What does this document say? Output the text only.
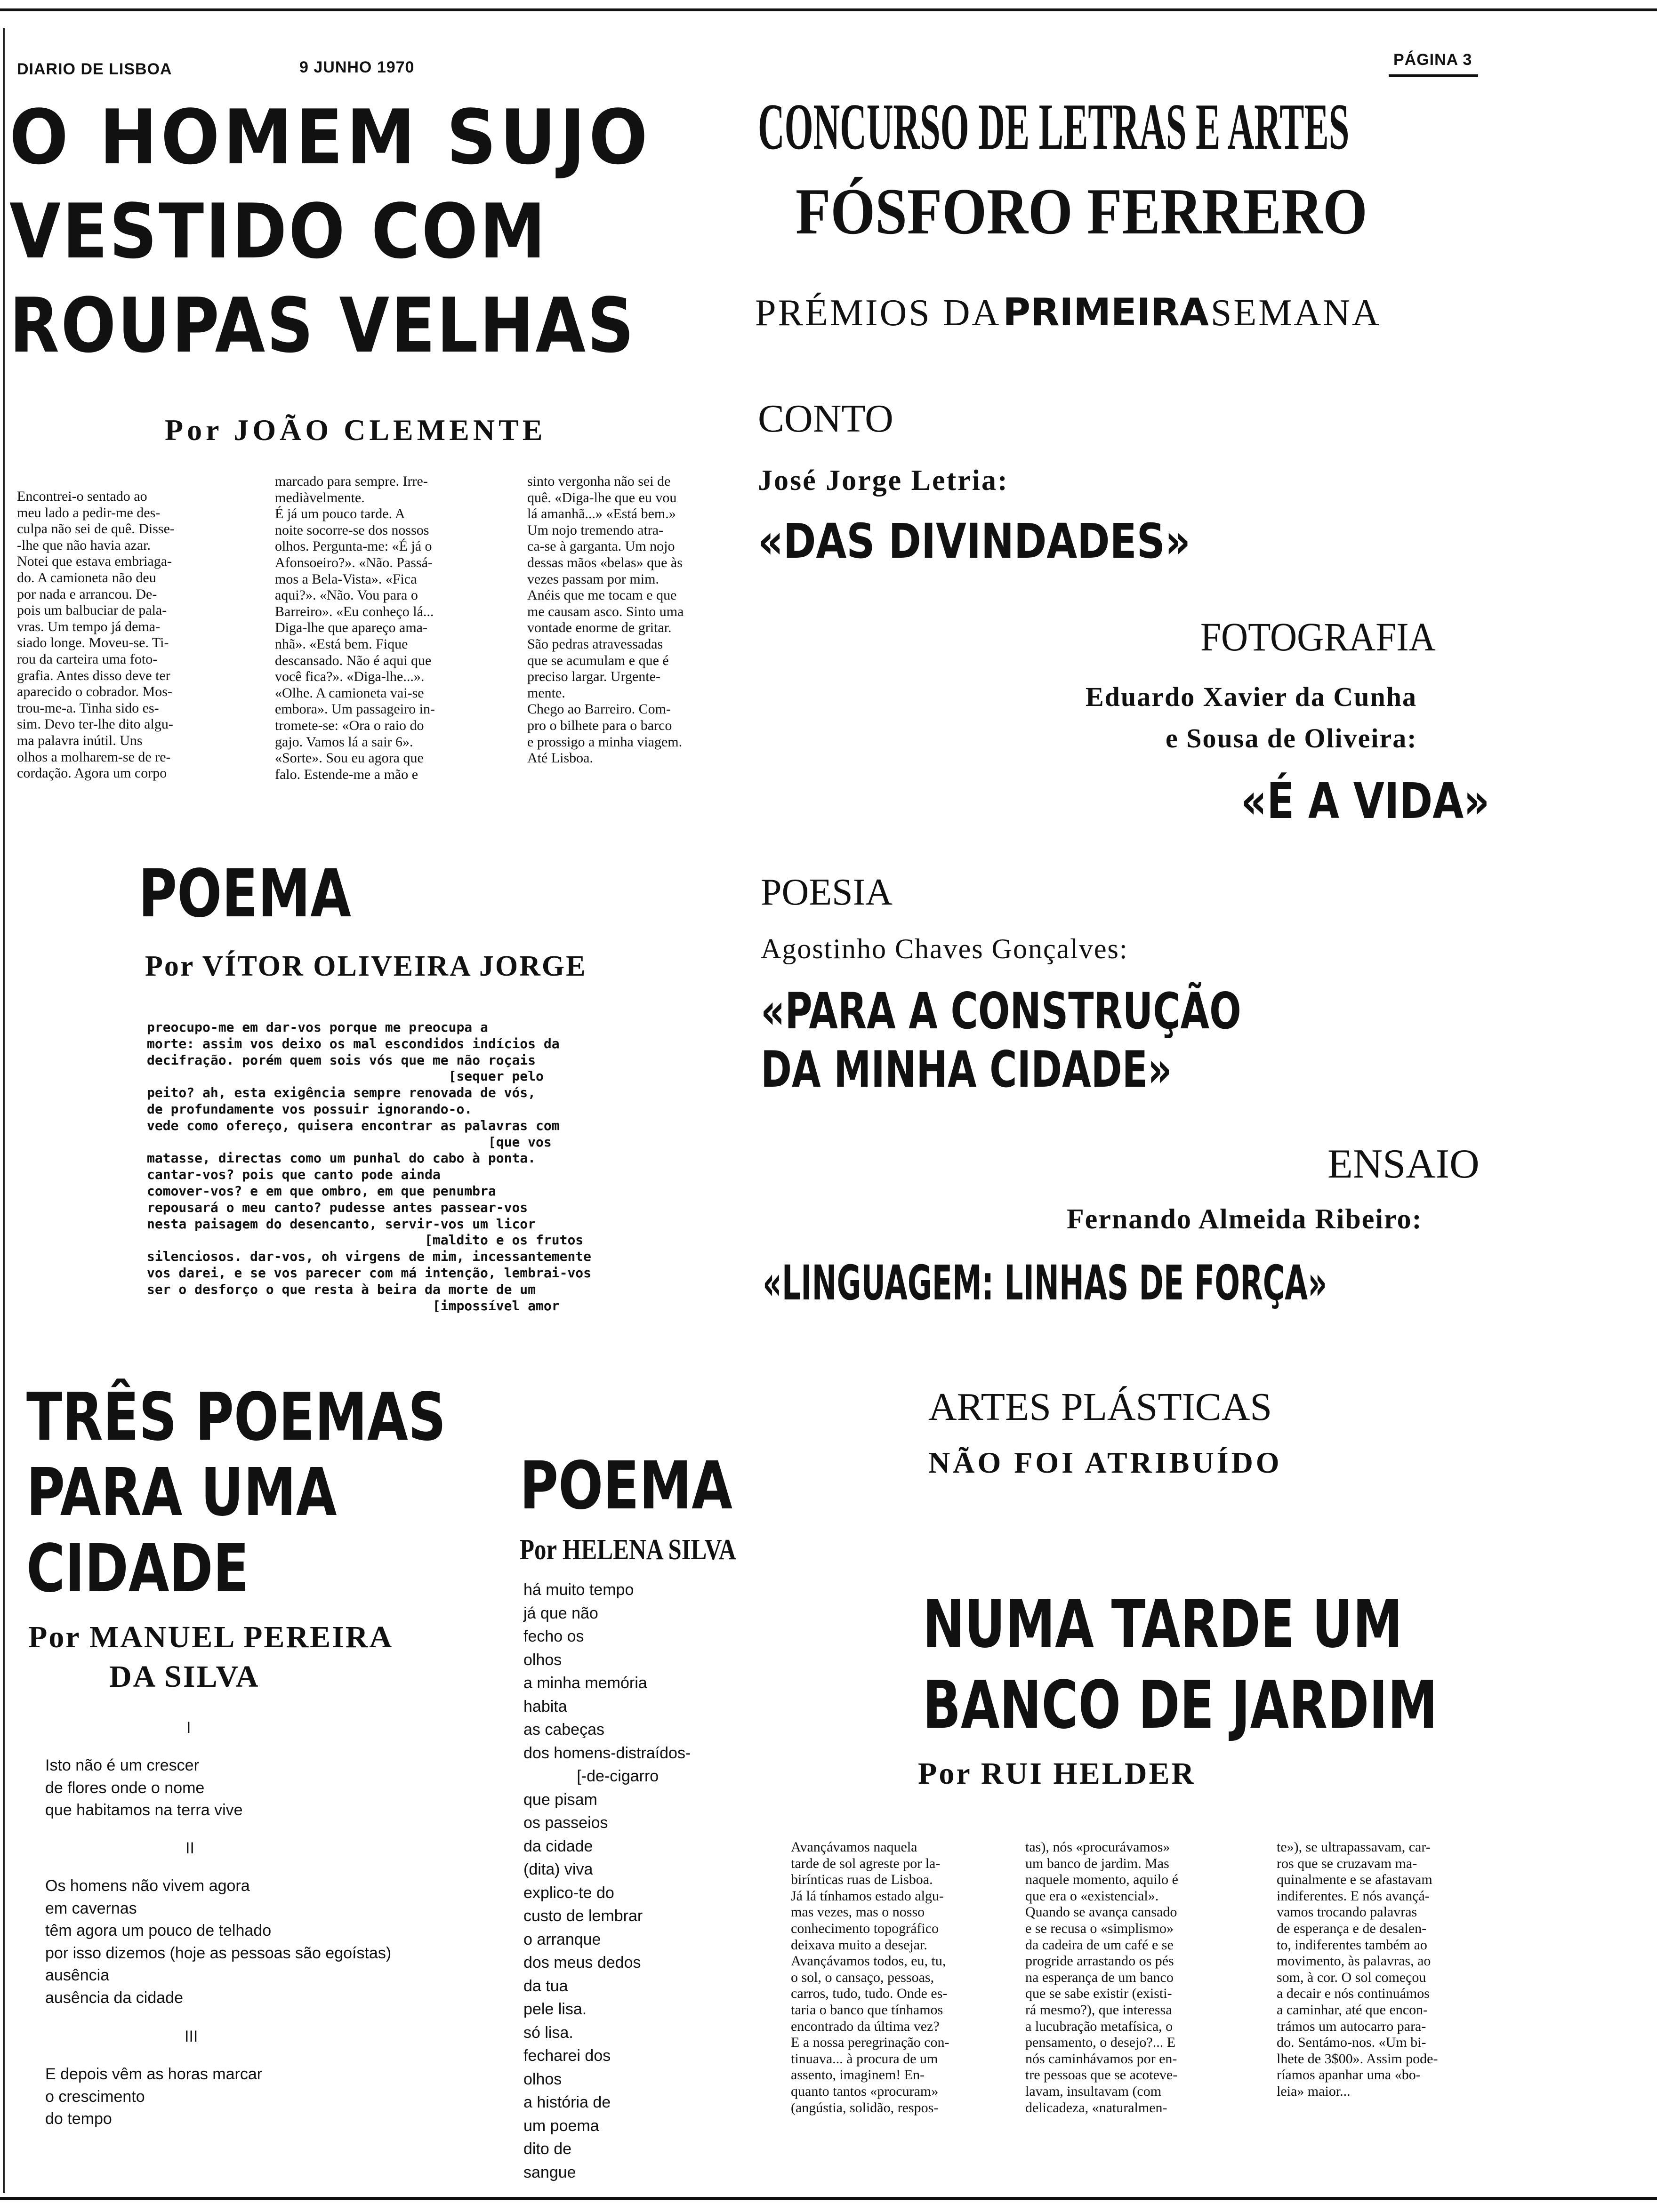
DIARIO DE LISBOA	9 JUNHO 1970	PÁGINA 3
O HOMEM SUJO
VESTIDO COM
ROUPAS VELHAS
Por JOÃO CLEMENTE
Encontrei-o sentado ao
meu lado a pedir-me des-
culpa não sei de quê. Disse-
-lhe que não havia azar.
Notei que estava embriaga-
do. A camioneta não deu
por nada e arrancou. De-
pois um balbuciar de pala-
vras. Um tempo já dema-
siado longe. Moveu-se. Ti-
rou da carteira uma foto-
grafia. Antes disso deve ter
aparecido o cobrador. Mos-
trou-me-a. Tinha sido es-
sim. Devo ter-lhe dito algu-
ma palavra inútil. Uns
olhos a molharem-se de re-
cordação. Agora um corpo
marcado para sempre. Irre-
mediàvelmente.
É já um pouco tarde. A
noite socorre-se dos nossos
olhos. Pergunta-me: «É já o
Afonsoeiro?». «Não. Passá-
mos a Bela-Vista». «Fica
aqui?». «Não. Vou para o
Barreiro». «Eu conheço lá...
Diga-lhe que apareço ama-
nhã». «Está bem. Fique
descansado. Não é aqui que
você fica?». «Diga-lhe...».
«Olhe. A camioneta vai-se
embora». Um passageiro in-
tromete-se: «Ora o raio do
gajo. Vamos lá a sair 6».
«Sorte». Sou eu agora que
falo. Estende-me a mão e
sinto vergonha não sei de
quê. «Diga-lhe que eu vou
lá amanhã...» «Está bem.»
Um nojo tremendo atra-
ca-se à garganta. Um nojo
dessas mãos «belas» que às
vezes passam por mim.
Anéis que me tocam e que
me causam asco. Sinto uma
vontade enorme de gritar.
São pedras atravessadas
que se acumulam e que é
preciso largar. Urgente-
mente.
Chego ao Barreiro. Com-
pro o bilhete para o barco
e prossigo a minha viagem.
Até Lisboa.
CONCURSO DE LETRAS E ARTES
FÓSFORO FERRERO
PRÉMIOS DA PRIMEIRA SEMANA
CONTO
José Jorge Letria:
«DAS DIVINDADES»
FOTOGRAFIA
Eduardo Xavier da Cunha
e Sousa de Oliveira:
«É A VIDA»
POESIA
Agostinho Chaves Gonçalves:
«PARA A CONSTRUÇÃO
DA MINHA CIDADE»
ENSAIO
Fernando Almeida Ribeiro:
«LINGUAGEM: LINHAS DE FORÇA»
POEMA
Por VÍTOR OLIVEIRA JORGE
preocupo-me em dar-vos porque me preocupa a
morte: assim vos deixo os mal escondidos indícios da
decifração. porém quem sois vós que me não roçais
[sequer pelo
peito? ah, esta exigência sempre renovada de vós,
de profundamente vos possuir ignorando-o.
vede como ofereço, quisera encontrar as palavras com
[que vos
matasse, directas como um punhal do cabo à ponta.
cantar-vos? pois que canto pode ainda
comover-vos? e em que ombro, em que penumbra
repousará o meu canto? pudesse antes passear-vos
nesta paisagem do desencanto, servir-vos um licor
[maldito e os frutos
silenciosos. dar-vos, oh virgens de mim, incessantemente
vos darei, e se vos parecer com má intenção, lembrai-vos
ser o desforço o que resta à beira da morte de um
[impossível amor
TRÊS POEMAS
PARA UMA
CIDADE
Por MANUEL PEREIRA
DA SILVA
I
Isto não é um crescer
de flores onde o nome
que habitamos na terra vive
II
Os homens não vivem agora
em cavernas
têm agora um pouco de telhado
por isso dizemos (hoje as pessoas são egoístas)
ausência
ausência da cidade
III
E depois vêm as horas marcar
o crescimento
do tempo
POEMA
Por HELENA SILVA
há muito tempo
já que não
fecho os
olhos
a minha memória
habita
as cabeças
dos homens-distraídos-
[-de-cigarro
que pisam
os passeios
da cidade
(dita) viva
explico-te do
custo de lembrar
o arranque
dos meus dedos
da tua
pele lisa.
só lisa.
fecharei dos
olhos
a história de
um poema
dito de
sangue
ARTES PLÁSTICAS
NÃO FOI ATRIBUÍDO
NUMA TARDE UM
BANCO DE JARDIM
Por RUI HELDER
Avançávamos naquela
tarde de sol agreste por la-
birínticas ruas de Lisboa.
Já lá tínhamos estado algu-
mas vezes, mas o nosso
conhecimento topográfico
deixava muito a desejar.
Avançávamos todos, eu, tu,
o sol, o cansaço, pessoas,
carros, tudo, tudo. Onde es-
taria o banco que tínhamos
encontrado da última vez?
E a nossa peregrinação con-
tinuava... à procura de um
assento, imaginem! En-
quanto tantos «procuram»
(angústia, solidão, respos-
tas), nós «procurávamos»
um banco de jardim. Mas
naquele momento, aquilo é
que era o «existencial».
Quando se avança cansado
e se recusa o «simplismo»
da cadeira de um café e se
progride arrastando os pés
na esperança de um banco
que se sabe existir (existi-
rá mesmo?), que interessa
a lucubração metafísica, o
pensamento, o desejo?... E
nós caminhávamos por en-
tre pessoas que se acoteve-
lavam, insultavam (com
delicadeza, «naturalmen-
te»), se ultrapassavam, car-
ros que se cruzavam ma-
quinalmente e se afastavam
indiferentes. E nós avançá-
vamos trocando palavras
de esperança e de desalen-
to, indiferentes também ao
movimento, às palavras, ao
som, à cor. O sol começou
a decair e nós continuámos
a caminhar, até que encon-
trámos um autocarro para-
do. Sentámo-nos. «Um bi-
lhete de 3$00». Assim pode-
ríamos apanhar uma «bo-
leia» maior...
